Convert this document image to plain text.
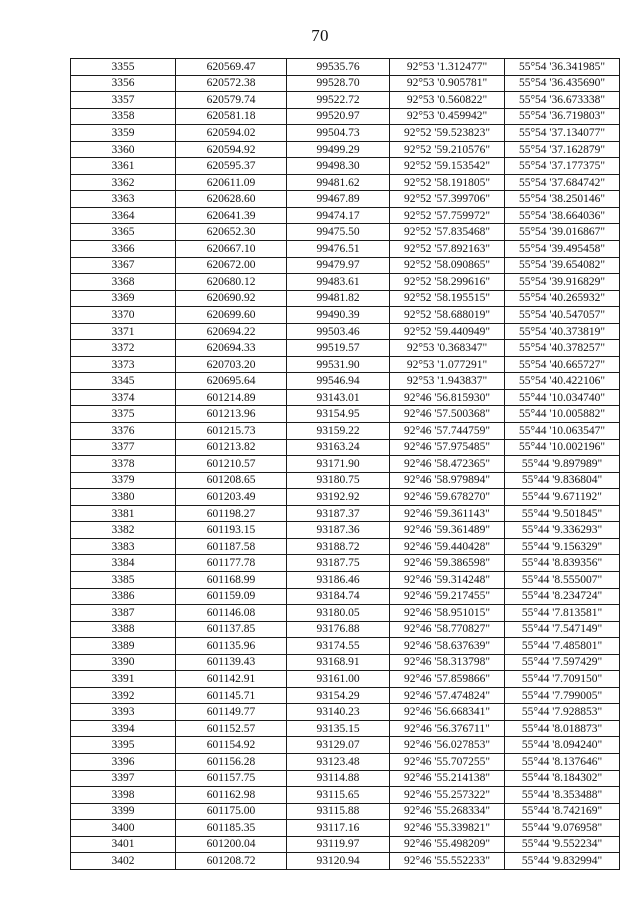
70
3355	620569.47	99535.76	92°53 '1.312477"	55°54 '36.341985"
3356	620572.38	99528.70	92°53 '0.905781"	55°54 '36.435690"
3357	620579.74	99522.72	92°53 '0.560822"	55°54 '36.673338"
3358	620581.18	99520.97	92°53 '0.459942"	55°54 '36.719803"
3359	620594.02	99504.73	92°52 '59.523823"	55°54 '37.134077"
3360	620594.92	99499.29	92°52 '59.210576"	55°54 '37.162879"
3361	620595.37	99498.30	92°52 '59.153542"	55°54 '37.177375"
3362	620611.09	99481.62	92°52 '58.191805"	55°54 '37.684742"
3363	620628.60	99467.89	92°52 '57.399706"	55°54 '38.250146"
3364	620641.39	99474.17	92°52 '57.759972"	55°54 '38.664036"
3365	620652.30	99475.50	92°52 '57.835468"	55°54 '39.016867"
3366	620667.10	99476.51	92°52 '57.892163"	55°54 '39.495458"
3367	620672.00	99479.97	92°52 '58.090865"	55°54 '39.654082"
3368	620680.12	99483.61	92°52 '58.299616"	55°54 '39.916829"
3369	620690.92	99481.82	92°52 '58.195515"	55°54 '40.265932"
3370	620699.60	99490.39	92°52 '58.688019"	55°54 '40.547057"
3371	620694.22	99503.46	92°52 '59.440949"	55°54 '40.373819"
3372	620694.33	99519.57	92°53 '0.368347"	55°54 '40.378257"
3373	620703.20	99531.90	92°53 '1.077291"	55°54 '40.665727"
3345	620695.64	99546.94	92°53 '1.943837"	55°54 '40.422106"
3374	601214.89	93143.01	92°46 '56.815930"	55°44 '10.034740"
3375	601213.96	93154.95	92°46 '57.500368"	55°44 '10.005882"
3376	601215.73	93159.22	92°46 '57.744759"	55°44 '10.063547"
3377	601213.82	93163.24	92°46 '57.975485"	55°44 '10.002196"
3378	601210.57	93171.90	92°46 '58.472365"	55°44 '9.897989"
3379	601208.65	93180.75	92°46 '58.979894"	55°44 '9.836804"
3380	601203.49	93192.92	92°46 '59.678270"	55°44 '9.671192"
3381	601198.27	93187.37	92°46 '59.361143"	55°44 '9.501845"
3382	601193.15	93187.36	92°46 '59.361489"	55°44 '9.336293"
3383	601187.58	93188.72	92°46 '59.440428"	55°44 '9.156329"
3384	601177.78	93187.75	92°46 '59.386598"	55°44 '8.839356"
3385	601168.99	93186.46	92°46 '59.314248"	55°44 '8.555007"
3386	601159.09	93184.74	92°46 '59.217455"	55°44 '8.234724"
3387	601146.08	93180.05	92°46 '58.951015"	55°44 '7.813581"
3388	601137.85	93176.88	92°46 '58.770827"	55°44 '7.547149"
3389	601135.96	93174.55	92°46 '58.637639"	55°44 '7.485801"
3390	601139.43	93168.91	92°46 '58.313798"	55°44 '7.597429"
3391	601142.91	93161.00	92°46 '57.859866"	55°44 '7.709150"
3392	601145.71	93154.29	92°46 '57.474824"	55°44 '7.799005"
3393	601149.77	93140.23	92°46 '56.668341"	55°44 '7.928853"
3394	601152.57	93135.15	92°46 '56.376711"	55°44 '8.018873"
3395	601154.92	93129.07	92°46 '56.027853"	55°44 '8.094240"
3396	601156.28	93123.48	92°46 '55.707255"	55°44 '8.137646"
3397	601157.75	93114.88	92°46 '55.214138"	55°44 '8.184302"
3398	601162.98	93115.65	92°46 '55.257322"	55°44 '8.353488"
3399	601175.00	93115.88	92°46 '55.268334"	55°44 '8.742169"
3400	601185.35	93117.16	92°46 '55.339821"	55°44 '9.076958"
3401	601200.04	93119.97	92°46 '55.498209"	55°44 '9.552234"
3402	601208.72	93120.94	92°46 '55.552233"	55°44 '9.832994"
